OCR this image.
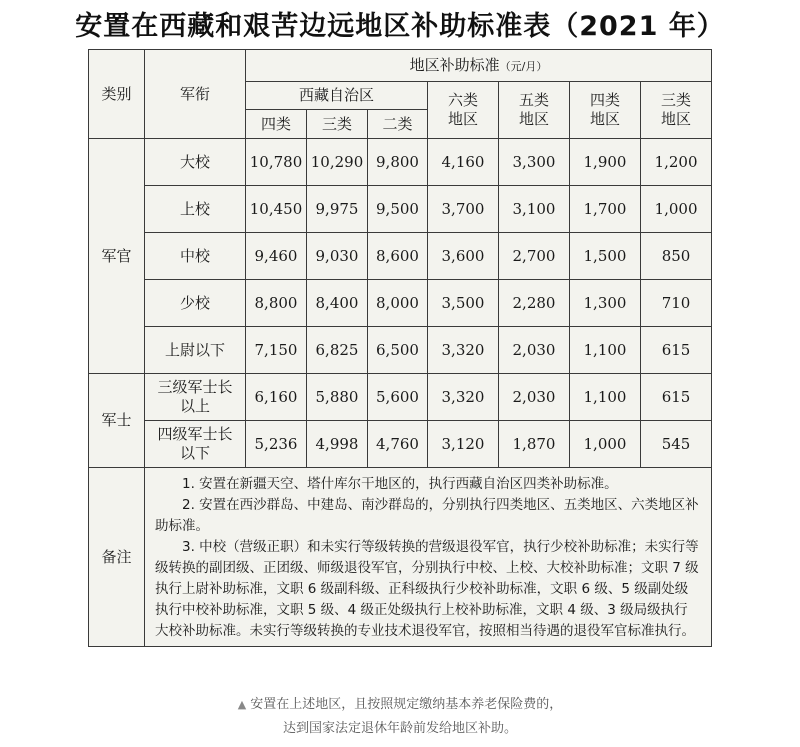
安置在西藏和艰苦边远地区补助标准表（2021 年）
类别	军衔	地区补助标准（元/月）						
		西藏自治区			六类地区	五类地区	四类地区	三类地区
		四类	三类	二类				
军官	大校	10,780	10,290	9,800	4,160	3,300	1,900	1,200
	上校	10,450	9,975	9,500	3,700	3,100	1,700	1,000
	中校	9,460	9,030	8,600	3,600	2,700	1,500	850
	少校	8,800	8,400	8,000	3,500	2,280	1,300	710
	上尉以下	7,150	6,825	6,500	3,320	2,030	1,100	615
军士	三级军士长以上	6,160	5,880	5,600	3,320	2,030	1,100	615
	四级军士长以下	5,236	4,998	4,760	3,120	1,870	1,000	545
备注	1. 安置在新疆天空、塔什库尔干地区的，执行西藏自治区四类补助标准。
2. 安置在西沙群岛、中建岛、南沙群岛的，分别执行四类地区、五类地区、六类地区补助标准。
3. 中校（营级正职）和未实行等级转换的营级退役军官，执行少校补助标准；未实行等级转换的副团级、正团级、师级退役军官，分别执行中校、上校、大校补助标准；文职 7 级执行上尉补助标准，文职 6 级副科级、正科级执行少校补助标准，文职 6 级、5 级副处级执行中校补助标准，文职 5 级、4 级正处级执行上校补助标准，文职 4 级、3 级局级执行大校补助标准。未实行等级转换的专业技术退役军官，按照相当待遇的退役军官标准执行。							
▲ 安置在上述地区，且按照规定缴纳基本养老保险费的，
达到国家法定退休年龄前发给地区补助。
